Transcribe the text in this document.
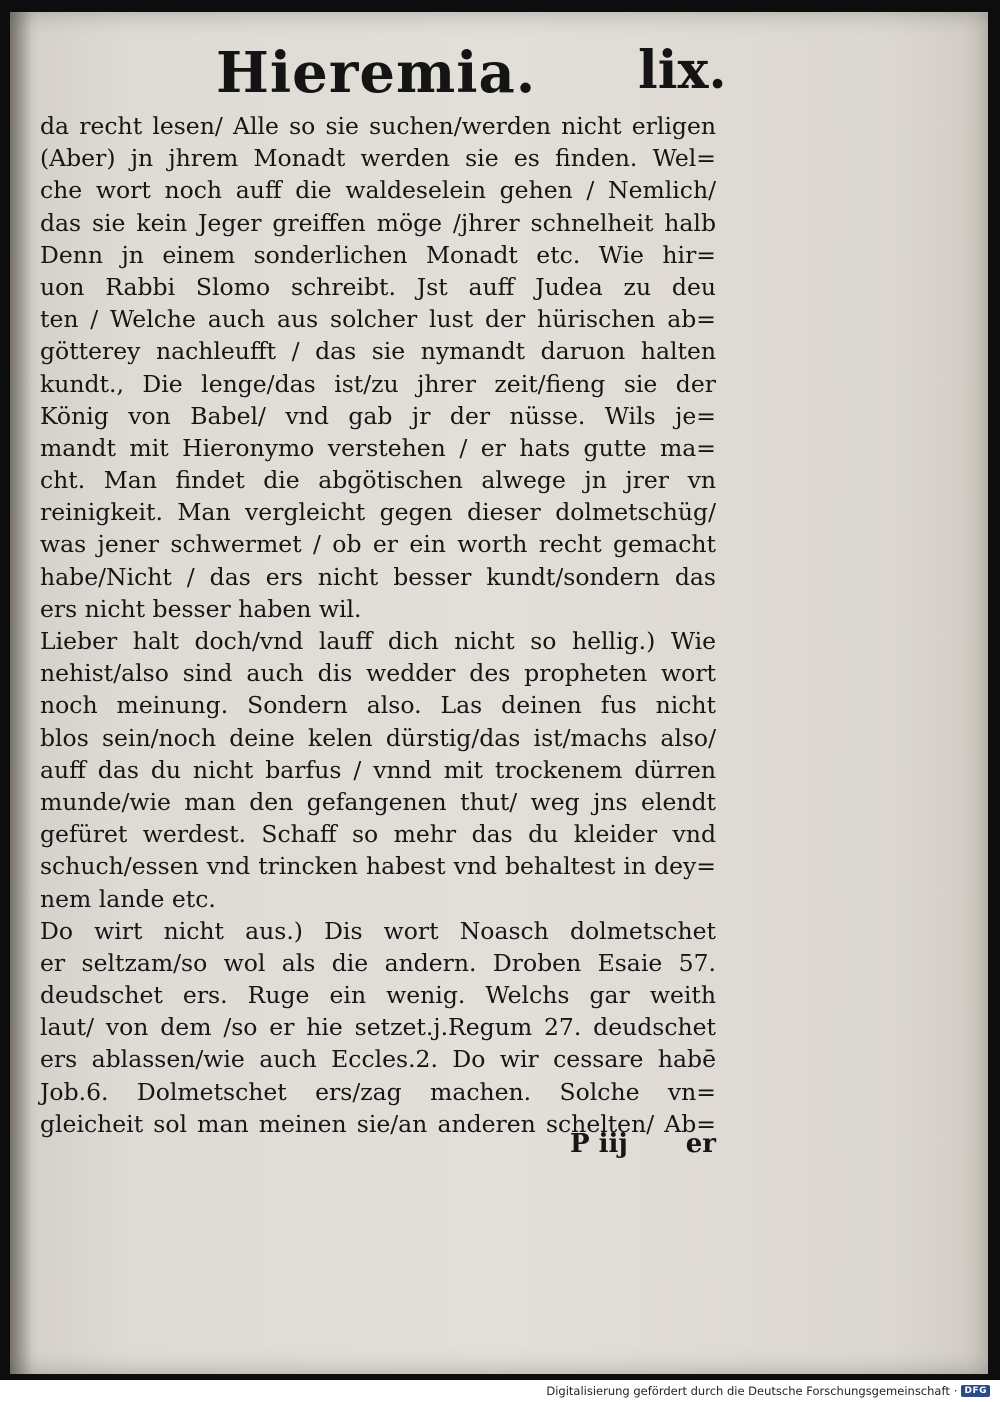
Hieremia. lix.
da recht lesen/ Alle so sie suchen/werden nicht erligen
(Aber) jn jhrem Monadt werden sie es finden. Wel=
che wort noch auff die waldeselein gehen / Nemlich/
das sie kein Jeger greiffen möge /jhrer schnelheit halb
Denn jn einem sonderlichen Monadt etc. Wie hir=
uon Rabbi Slomo schreibt. Jst auff Judea zu deu
ten / Welche auch aus solcher lust der hürischen ab=
götterey nachleufft / das sie nymandt daruon halten
kundt., Die lenge/das ist/zu jhrer zeit/fieng sie der
König von Babel/ vnd gab jr der nüsse. Wils je=
mandt mit Hieronymo verstehen / er hats gutte ma=
cht. Man findet die abgötischen alwege jn jrer vn
reinigkeit. Man vergleicht gegen dieser dolmetschüg/
was jener schwermet / ob er ein worth recht gemacht
habe/Nicht / das ers nicht besser kundt/sondern das
ers nicht besser haben wil.
Lieber halt doch/vnd lauff dich nicht so hellig.) Wie
nehist/also sind auch dis wedder des propheten wort
noch meinung. Sondern also. Las deinen fus nicht
blos sein/noch deine kelen dürstig/das ist/machs also/
auff das du nicht barfus / vnnd mit trockenem dürren
munde/wie man den gefangenen thut/ weg jns elendt
gefüret werdest. Schaff so mehr das du kleider vnd
schuch/essen vnd trincken habest vnd behaltest in dey=
nem lande etc.
Do wirt nicht aus.) Dis wort Noasch dolmetschet
er seltzam/so wol als die andern. Droben Esaie 57.
deudschet ers. Ruge ein wenig. Welchs gar weith
laut/ von dem /so er hie setzet.j.Regum 27. deudschet
ers ablassen/wie auch Eccles.2. Do wir cessare habē
Job.6. Dolmetschet ers/zag machen. Solche vn=
gleicheit sol man meinen sie/an anderen schelten/ Ab=
P iij er
Digitalisierung gefördert durch die Deutsche Forschungsgemeinschaft · DFG
